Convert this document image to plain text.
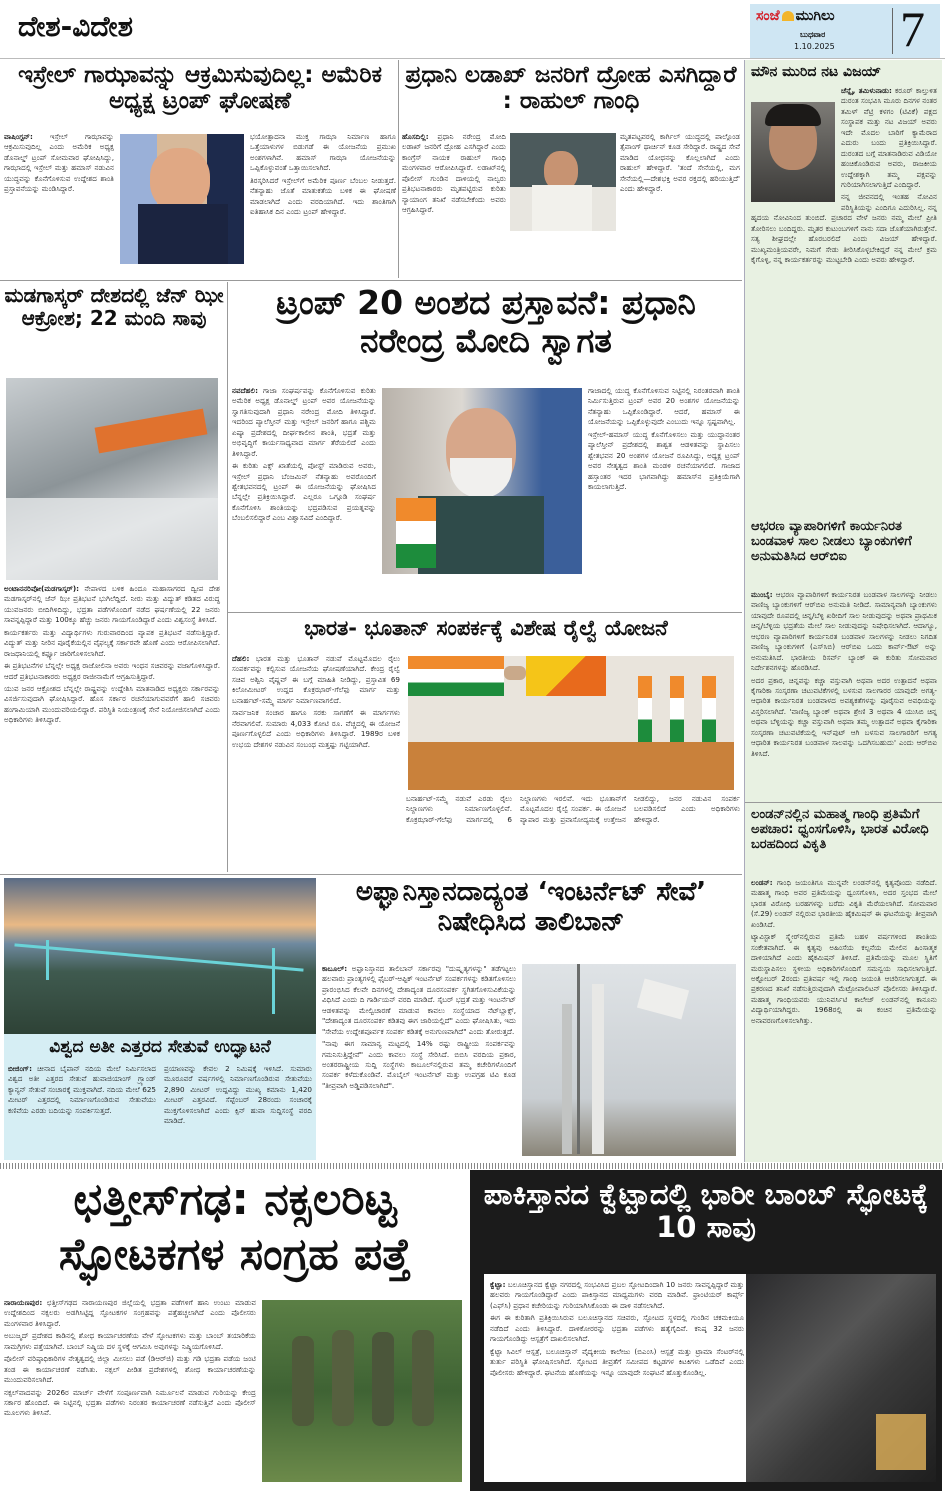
ದೇಶ-ವಿದೇಶ	ಸಂಜೆ ಮುಗಿಲು
ಬುಧವಾರ
1.10.2025 7
ಇಸ್ರೇಲ್ ಗಾಝಾವನ್ನು ಆಕ್ರಮಿಸುವುದಿಲ್ಲ: ಅಮೆರಿಕ ಅಧ್ಯಕ್ಷ ಟ್ರಂಪ್ ಘೋಷಣೆ

ವಾಷಿಂಗ್ಟನ್: ಇಸ್ರೇಲ್ ಗಾಝಾವನ್ನು ಆಕ್ರಮಿಸುವುದಿಲ್ಲ ಎಂದು ಅಮೆರಿಕ ಅಧ್ಯಕ್ಷ ಡೊನಾಲ್ಡ್ ಟ್ರಂಪ್ ಸೋಮವಾರ ಘೋಷಿಸಿದ್ದು, ಗಾಝಾದಲ್ಲಿ ಇಸ್ರೇಲ್ ಮತ್ತು ಹಮಾಸ್ ನಡುವಿನ ಯುದ್ಧವನ್ನು ಕೊನೆಗೊಳಿಸುವ ಉದ್ದೇಶದ ಶಾಂತಿ ಪ್ರಸ್ತಾವನೆಯನ್ನು ಮಂಡಿಸಿದ್ದಾರೆ.

ಭಯೋತ್ಪಾದನಾ ಮುಕ್ತ ಗಾಝಾ ನಿರ್ಮಾಣ ಹಾಗೂ ಒತ್ತೆಯಾಳುಗಳ ಬಿಡುಗಡೆ ಈ ಯೋಜನೆಯ ಪ್ರಮುಖ ಅಂಶಗಳಾಗಿವೆ. ಹಮಾಸ್ ಗಾಝಾ ಯೋಜನೆಯನ್ನು ಒಪ್ಪಿಕೊಳ್ಳುವಂತೆ ಒತ್ತಾಯಿಸಲಾಗಿದೆ.

ತಿರಸ್ಕರಿಸಿದರೆ ಇಸ್ರೇಲ್‌ಗೆ ಅಮೆರಿಕ ಪೂರ್ಣ ಬೆಂಬಲ ನೀಡುತ್ತದೆ. ನೆತನ್ಯಾಹು ಜೊತೆ ಮಾತುಕತೆಯ ಬಳಿಕ ಈ ಘೋಷಣೆ ಮಾಡಲಾಗಿದೆ ಎಂದು ವರದಿಯಾಗಿದೆ. ಇದು ಶಾಂತಿಗಾಗಿ ಐತಿಹಾಸಿಕ ದಿನ ಎಂದು ಟ್ರಂಪ್ ಹೇಳಿದ್ದಾರೆ.

ಪ್ರಧಾನಿ ಲಡಾಖ್ ಜನರಿಗೆ ದ್ರೋಹ ಎಸಗಿದ್ದಾರೆ : ರಾಹುಲ್ ಗಾಂಧಿ

ಹೊಸದಿಲ್ಲಿ: ಪ್ರಧಾನಿ ನರೇಂದ್ರ ಮೋದಿ ಲಡಾಖ್ ಜನರಿಗೆ ದ್ರೋಹ ಎಸಗಿದ್ದಾರೆ ಎಂದು ಕಾಂಗ್ರೆಸ್ ನಾಯಕ ರಾಹುಲ್ ಗಾಂಧಿ ಮಂಗಳವಾರ ಆರೋಪಿಸಿದ್ದಾರೆ. ಲಡಾಖ್‌ನಲ್ಲಿ ಪೊಲೀಸ್ ಗುಂಡಿನ ದಾಳಿಯಲ್ಲಿ ನಾಲ್ವರು ಪ್ರತಿಭಟನಾಕಾರರು ಮೃತಪಟ್ಟಿರುವ ಕುರಿತು ನ್ಯಾಯಾಂಗ ತನಿಖೆ ನಡೆಸಬೇಕೆಂದು ಅವರು ಆಗ್ರಹಿಸಿದ್ದಾರೆ.

ಮೃತಪಟ್ಟವರಲ್ಲಿ ಕಾರ್ಗಿಲ್ ಯುದ್ಧದಲ್ಲಿ ಪಾಲ್ಗೊಂಡ ತ್ಸೆವಾಂಗ್ ಥಾರ್ಚಿನ್ ಕೂಡ ಸೇರಿದ್ದಾರೆ. ರಾಷ್ಟ್ರದ ಸೇವೆ ಮಾಡಿದ ಯೋಧನನ್ನು ಕೊಲ್ಲಲಾಗಿದೆ ಎಂದು ರಾಹುಲ್ ಹೇಳಿದ್ದಾರೆ. 'ತಂದೆ ಸೇನೆಯಲ್ಲಿ, ಮಗ ಸೇನೆಯಲ್ಲಿ—ದೇಶಭಕ್ತಿ ಅವರ ರಕ್ತದಲ್ಲಿ ಹರಿಯುತ್ತಿದೆ' ಎಂದು ಹೇಳಿದ್ದಾರೆ.

ಮೌನ ಮುರಿದ ನಟ ವಿಜಯ್

ಚೆನ್ನೈ, ತಮಿಳುನಾಡು: ಕರೂರ್ ಕಾಲ್ತುಳಿತ ದುರಂತ ಸಂಭವಿಸಿ ಮೂರು ದಿನಗಳ ನಂತರ ತಮಿಳ್ ವೆಟ್ರಿ ಕಳಗಂ (ಟಿವಿಕೆ) ಪಕ್ಷದ ಸಂಸ್ಥಾಪಕ ಮತ್ತು ನಟ ವಿಜಯ್ ಅವರು ಇದೇ ಮೊದಲ ಬಾರಿಗೆ ಕ್ಯಾಮೆರಾದ ಎದುರು ಬಂದು ಪ್ರತಿಕ್ರಿಯಿಸಿದ್ದಾರೆ. ದುರಂತದ ಬಗ್ಗೆ ಮಾತನಾಡಿರುವ ವಿಡಿಯೋ ಹಂಚಿಕೊಂಡಿರುವ ಅವರು, ರಾಜಕೀಯ ಉದ್ದೇಶಕ್ಕಾಗಿ ತಮ್ಮ ಪಕ್ಷವನ್ನು ಗುರಿಯಾಗಿಸಲಾಗುತ್ತಿದೆ ಎಂದಿದ್ದಾರೆ.

ನನ್ನ ಜೀವನದಲ್ಲಿ ಇಂತಹ ನೋವಿನ ಪರಿಸ್ಥಿತಿಯನ್ನು ಎಂದಿಗೂ ಎದುರಿಸಿಲ್ಲ. ನನ್ನ ಹೃದಯ ನೋವಿನಿಂದ ತುಂಬಿದೆ. ಪ್ರಚಾರದ ವೇಳೆ ಜನರು ನಮ್ಮ ಮೇಲೆ ಪ್ರೀತಿ ತೋರಿಸಲು ಬಂದಿದ್ದರು. ಮೃತರ ಕುಟುಂಬಗಳಿಗೆ ನಾನು ಸದಾ ಜೊತೆಯಾಗಿರುತ್ತೇನೆ. ಸತ್ಯ ಶೀಘ್ರದಲ್ಲೇ ಹೊರಬರಲಿದೆ ಎಂದು ವಿಜಯ್ ಹೇಳಿದ್ದಾರೆ. ಮುಖ್ಯಮಂತ್ರಿಯವರೇ, ನಿಮಗೆ ಸೇಡು ತೀರಿಸಿಕೊಳ್ಳಬೇಕಿದ್ದರೆ ನನ್ನ ಮೇಲೆ ಕ್ರಮ ಕೈಗೊಳ್ಳಿ, ನನ್ನ ಕಾರ್ಯಕರ್ತರನ್ನು ಮುಟ್ಟಬೇಡಿ ಎಂದು ಅವರು ಹೇಳಿದ್ದಾರೆ.

ಆಭರಣ ವ್ಯಾಪಾರಿಗಳಿಗೆ ಕಾರ್ಯನಿರತ ಬಂಡವಾಳ ಸಾಲ ನೀಡಲು ಬ್ಯಾಂಕುಗಳಿಗೆ ಅನುಮತಿಸಿದ ಆರ್‌ಬಿಐ

ಮುಂಬೈ: ಆಭರಣ ವ್ಯಾಪಾರಿಗಳಿಗೆ ಕಾರ್ಯನಿರತ ಬಂಡವಾಳ ಸಾಲಗಳನ್ನು ನೀಡಲು ವಾಣಿಜ್ಯ ಬ್ಯಾಂಕುಗಳಿಗೆ ಆರ್‌ಬಿಐ ಅನುಮತಿ ನೀಡಿದೆ. ಸಾಮಾನ್ಯವಾಗಿ ಬ್ಯಾಂಕುಗಳು ಯಾವುದೇ ರೂಪದಲ್ಲಿ ಚಿನ್ನ/ಬೆಳ್ಳಿ ಖರೀದಿಗೆ ಸಾಲ ನೀಡುವುದನ್ನು ಅಥವಾ ಪ್ರಾಥಮಿಕ ಚಿನ್ನ/ಬೆಳ್ಳಿಯ ಭದ್ರತೆಯ ಮೇಲೆ ಸಾಲ ನೀಡುವುದನ್ನು ನಿಷೇಧಿಸಲಾಗಿದೆ. ಆದಾಗ್ಯೂ, ಆಭರಣ ವ್ಯಾಪಾರಿಗಳಿಗೆ ಕಾರ್ಯನಿರತ ಬಂಡವಾಳ ಸಾಲಗಳನ್ನು ನೀಡಲು ನಿಗದಿತ ವಾಣಿಜ್ಯ ಬ್ಯಾಂಕುಗಳಿಗೆ (ಎಸ್‌ಸಿಬಿ) ಆರ್‌ಬಿಐ ಒಂದು ಕಾರ್ವ್-ಔಟ್ ಅನ್ನು ಅನುಮತಿಸಿದೆ. ಭಾರತೀಯ ರಿಸರ್ವ್ ಬ್ಯಾಂಕ್ ಈ ಕುರಿತು ಸೋಮವಾರ ನಿರ್ದೇಶನಗಳನ್ನು ಹೊರಡಿಸಿದೆ.

ಅದರ ಪ್ರಕಾರ, ಚಿನ್ನವನ್ನು ಕಚ್ಚಾ ವಸ್ತುವಾಗಿ ಅಥವಾ ಅದರ ಉತ್ಪಾದನೆ ಅಥವಾ ಕೈಗಾರಿಕಾ ಸಂಸ್ಕರಣಾ ಚಟುವಟಿಕೆಗಳಲ್ಲಿ ಬಳಸುವ ಸಾಲಗಾರರ ಯಾವುದೇ ಅಗತ್ಯ-ಆಧಾರಿತ ಕಾರ್ಯನಿರತ ಬಂಡವಾಳದ ಅವಶ್ಯಕತೆಗಳನ್ನು ಪೂರೈಸುವ ಅವಧಿಯನ್ನು ವಿಸ್ತರಿಸಲಾಗಿದೆ. 'ವಾಣಿಜ್ಯ ಬ್ಯಾಂಕ್ ಅಥವಾ ಶ್ರೇಣಿ 3 ಅಥವಾ 4 ಯುಸಿಬಿ ಚಿನ್ನ ಅಥವಾ ಬೆಳ್ಳಿಯನ್ನು ಕಚ್ಚಾ ವಸ್ತುವಾಗಿ ಅಥವಾ ತಮ್ಮ ಉತ್ಪಾದನೆ ಅಥವಾ ಕೈಗಾರಿಕಾ ಸಂಸ್ಕರಣಾ ಚಟುವಟಿಕೆಯಲ್ಲಿ ಇನ್‌ಪುಟ್ ಆಗಿ ಬಳಸುವ ಸಾಲಗಾರರಿಗೆ ಅಗತ್ಯ ಆಧಾರಿತ ಕಾರ್ಯನಿರತ ಬಂಡವಾಳ ಸಾಲವನ್ನು ಒದಗಿಸಬಹುದು' ಎಂದು ಆರ್‌ಬಿಐ ತಿಳಿಸಿದೆ.

ಲಂಡನ್‌ನಲ್ಲಿನ ಮಹಾತ್ಮ ಗಾಂಧಿ ಪ್ರತಿಮೆಗೆ ಅಪಚಾರ: ಧ್ವಂಸಗೊಳಿಸಿ, ಭಾರತ ವಿರೋಧಿ ಬರಹದಿಂದ ವಿಕೃತಿ

ಲಂಡನ್: ಗಾಂಧಿ ಜಯಂತಿಗೂ ಮುನ್ನವೇ ಲಂಡನ್‌ನಲ್ಲಿ ಕೃತ್ಯವೊಂದು ನಡೆದಿದೆ. ಮಹಾತ್ಮ ಗಾಂಧಿ ಅವರ ಪ್ರತಿಮೆಯನ್ನು ಧ್ವಂಸಗೊಳಿಸಿ, ಅದರ ಸ್ತಂಭದ ಮೇಲೆ ಭಾರತ ವಿರೋಧಿ ಬರಹಗಳನ್ನು ಬರೆದು ವಿಕೃತಿ ಮೆರೆಯಲಾಗಿದೆ. ಸೋಮವಾರ (ಸೆ.29) ಲಂಡನ್ ನಲ್ಲಿರುವ ಭಾರತೀಯ ಹೈಕಮಿಷನ್ ಈ ಘಟನೆಯನ್ನು ತೀವ್ರವಾಗಿ ಖಂಡಿಸಿದೆ.

ಟ್ಯಾವಿಸ್ಟಾಕ್ ಸ್ಕ್ವೇರ್‌ನಲ್ಲಿರುವ ಪ್ರತಿಮೆ ಬಹಳ ವರ್ಷಗಳಿಂದ ಶಾಂತಿಯ ಸಂಕೇತವಾಗಿದೆ. ಈ ಕೃತ್ಯವು ಅಹಿಂಸೆಯ ಕಲ್ಪನೆಯ ಮೇಲಿನ ಹಿಂಸಾತ್ಮಕ ದಾಳಿಯಾಗಿದೆ ಎಂದು ಹೈಕಮಿಷನ್ ತಿಳಿಸಿದೆ. ಪ್ರತಿಮೆಯನ್ನು ಮೂಲ ಸ್ಥಿತಿಗೆ ಮರುಸ್ಥಾಪಿಸಲು ಸ್ಥಳೀಯ ಅಧಿಕಾರಿಗಳೊಂದಿಗೆ ಸಮನ್ವಯ ಸಾಧಿಸಲಾಗುತ್ತಿದೆ. ಅಕ್ಟೋಬರ್ 2ರಂದು ಪ್ರತಿವರ್ಷ ಇಲ್ಲಿ ಗಾಂಧಿ ಜಯಂತಿ ಆಚರಿಸಲಾಗುತ್ತದೆ. ಈ ಪ್ರಕರಣದ ತನಿಖೆ ನಡೆಸುತ್ತಿರುವುದಾಗಿ ಮೆಟ್ರೋಪಾಲಿಟನ್ ಪೊಲೀಸರು ತಿಳಿಸಿದ್ದಾರೆ. ಮಹಾತ್ಮ ಗಾಂಧಿಯವರು ಯುನಿವರ್ಸಿಟಿ ಕಾಲೇಜ್ ಲಂಡನ್‌ನಲ್ಲಿ ಕಾನೂನು ವಿದ್ಯಾರ್ಥಿಯಾಗಿದ್ದರು. 1968ರಲ್ಲಿ ಈ ಕಂಚಿನ ಪ್ರತಿಮೆಯನ್ನು ಅನಾವರಣಗೊಳಿಸಲಾಗಿತ್ತು.

ಮಡಗಾಸ್ಕರ್ ದೇಶದಲ್ಲಿ ಜೆನ್ ಝೀ ಆಕ್ರೋಶ; 22 ಮಂದಿ ಸಾವು

ಅಂಟಾನನರಿವೋ(ಮಡಗಾಸ್ಕರ್): ನೇಪಾಳದ ಬಳಿಕ ಹಿಂದೂ ಮಹಾಸಾಗರದ ದ್ವೀಪ ದೇಶ ಮಡಗಾಸ್ಕರ್‌ನಲ್ಲಿ ಜೆನ್ ಝೀ ಪ್ರತಿಭಟನೆ ಭುಗಿಲೆದ್ದಿದೆ. ನೀರು ಮತ್ತು ವಿದ್ಯುತ್ ಕಡಿತದ ವಿರುದ್ಧ ಯುವಜನರು ಬೀದಿಗಿಳಿದಿದ್ದು, ಭದ್ರತಾ ಪಡೆಗಳೊಂದಿಗೆ ನಡೆದ ಘರ್ಷಣೆಯಲ್ಲಿ 22 ಜನರು ಸಾವನ್ನಪ್ಪಿದ್ದಾರೆ ಮತ್ತು 100ಕ್ಕೂ ಹೆಚ್ಚು ಜನರು ಗಾಯಗೊಂಡಿದ್ದಾರೆ ಎಂದು ವಿಶ್ವಸಂಸ್ಥೆ ತಿಳಿಸಿದೆ.

ಕಾರ್ಯಕರ್ತರು ಮತ್ತು ವಿದ್ಯಾರ್ಥಿಗಳು ಗುರುವಾರದಿಂದ ವ್ಯಾಪಕ ಪ್ರತಿಭಟನೆ ನಡೆಸುತ್ತಿದ್ದಾರೆ. ವಿದ್ಯುತ್ ಮತ್ತು ನೀರಿನ ಪೂರೈಕೆಯಲ್ಲಿನ ವೈಫಲ್ಯಕ್ಕೆ ಸರ್ಕಾರವೇ ಹೊಣೆ ಎಂದು ಆರೋಪಿಸಲಾಗಿದೆ. ರಾಜಧಾನಿಯಲ್ಲಿ ಕರ್ಫ್ಯೂ ಜಾರಿಗೊಳಿಸಲಾಗಿದೆ.

ಈ ಪ್ರತಿಭಟನೆಗಳ ಬೆನ್ನಲ್ಲೇ ಅಧ್ಯಕ್ಷ ರಾಜೋಲಿನಾ ಅವರು ಇಂಧನ ಸಚಿವರನ್ನು ವಜಾಗೊಳಿಸಿದ್ದಾರೆ. ಆದರೆ ಪ್ರತಿಭಟನಾಕಾರರು ಅಧ್ಯಕ್ಷರ ರಾಜೀನಾಮೆಗೆ ಆಗ್ರಹಿಸುತ್ತಿದ್ದಾರೆ.

ಯುವ ಜನರ ಆಕ್ರೋಶದ ಬೆನ್ನಲ್ಲೇ ರಾಷ್ಟ್ರವನ್ನು ಉದ್ದೇಶಿಸಿ ಮಾತನಾಡಿದ ಅಧ್ಯಕ್ಷರು ಸರ್ಕಾರವನ್ನು ವಿಸರ್ಜಿಸುವುದಾಗಿ ಘೋಷಿಸಿದ್ದಾರೆ. ಹೊಸ ಸರ್ಕಾರ ರಚನೆಯಾಗುವವರೆಗೆ ಹಾಲಿ ಸಚಿವರು ಹಂಗಾಮಿಯಾಗಿ ಮುಂದುವರಿಯಲಿದ್ದಾರೆ. ಪರಿಸ್ಥಿತಿ ನಿಯಂತ್ರಣಕ್ಕೆ ಸೇನೆ ನಿಯೋಜಿಸಲಾಗಿದೆ ಎಂದು ಅಧಿಕಾರಿಗಳು ತಿಳಿಸಿದ್ದಾರೆ.

ಟ್ರಂಪ್ 20 ಅಂಶದ ಪ್ರಸ್ತಾವನೆ: ಪ್ರಧಾನಿ ನರೇಂದ್ರ ಮೋದಿ ಸ್ವಾಗತ

ನವದೆಹಲಿ: ಗಾಜಾ ಸಂಘರ್ಷವನ್ನು ಕೊನೆಗೊಳಿಸುವ ಕುರಿತು ಅಮೆರಿಕ ಅಧ್ಯಕ್ಷ ಡೊನಾಲ್ಡ್ ಟ್ರಂಪ್ ಅವರ ಯೋಜನೆಯನ್ನು ಸ್ವಾಗತಿಸುವುದಾಗಿ ಪ್ರಧಾನಿ ನರೇಂದ್ರ ಮೋದಿ ತಿಳಿಸಿದ್ದಾರೆ. ಇದರಿಂದ ಪ್ಯಾಲೆಸ್ತೀನ್ ಮತ್ತು ಇಸ್ರೇಲ್ ಜನರಿಗೆ ಹಾಗೂ ಪಶ್ಚಿಮ ಏಷ್ಯಾ ಪ್ರದೇಶದಲ್ಲಿ ದೀರ್ಘಕಾಲೀನ ಶಾಂತಿ, ಭದ್ರತೆ ಮತ್ತು ಅಭಿವೃದ್ಧಿಗೆ ಕಾರ್ಯಸಾಧ್ಯವಾದ ಮಾರ್ಗ ತೆರೆಯಲಿದೆ ಎಂದು ತಿಳಿಸಿದ್ದಾರೆ.

ಈ ಕುರಿತು ಎಕ್ಸ್ ಖಾತೆಯಲ್ಲಿ ಪೋಸ್ಟ್ ಮಾಡಿರುವ ಅವರು, ಇಸ್ರೇಲ್ ಪ್ರಧಾನಿ ಬೆಂಜಮಿನ್ ನೆತನ್ಯಾಹು ಅವರೊಂದಿಗೆ ಶ್ವೇತಭವನದಲ್ಲಿ ಟ್ರಂಪ್ ಈ ಯೋಜನೆಯನ್ನು ಘೋಷಿಸಿದ ಬೆನ್ನಲ್ಲೇ ಪ್ರತಿಕ್ರಿಯಿಸಿದ್ದಾರೆ. ಎಲ್ಲರೂ ಒಗ್ಗೂಡಿ ಸಂಘರ್ಷ ಕೊನೆಗೊಳಿಸಿ ಶಾಂತಿಯನ್ನು ಭದ್ರಪಡಿಸುವ ಪ್ರಯತ್ನವನ್ನು ಬೆಂಬಲಿಸಲಿದ್ದಾರೆ ಎಂಬ ವಿಶ್ವಾಸವಿದೆ ಎಂದಿದ್ದಾರೆ.

ಗಾಜಾದಲ್ಲಿ ಯುದ್ಧ ಕೊನೆಗೊಳಿಸುವ ನಿಟ್ಟಿನಲ್ಲಿ ನಿರಂತರವಾಗಿ ಶಾಂತಿ ನಿರ್ಮಿಸುತ್ತಿರುವ ಟ್ರಂಪ್ ಅವರ 20 ಅಂಶಗಳ ಯೋಜನೆಯನ್ನು ನೆತನ್ಯಾಹು ಒಪ್ಪಿಕೊಂಡಿದ್ದಾರೆ. ಆದರೆ, ಹಮಾಸ್ ಈ ಯೋಜನೆಯನ್ನು ಒಪ್ಪಿಕೊಳ್ಳುವುದೇ ಎಂಬುದು ಇನ್ನೂ ಸ್ಪಷ್ಟವಾಗಿಲ್ಲ.

ಇಸ್ರೇಲ್-ಹಮಾಸ್ ಯುದ್ಧ ಕೊನೆಗೊಳಿಸಲು ಮತ್ತು ಯುದ್ಧಾನಂತರ ಪ್ಯಾಲೆಸ್ತೀನ್ ಪ್ರದೇಶದಲ್ಲಿ ಶಾಶ್ವತ ಆಡಳಿತವನ್ನು ಸ್ಥಾಪಿಸಲು ಶ್ವೇತಭವನ 20 ಅಂಶಗಳ ಯೋಜನೆ ರೂಪಿಸಿದ್ದು, ಅಧ್ಯಕ್ಷ ಟ್ರಂಪ್ ಅವರ ನೇತೃತ್ವದ ಶಾಂತಿ ಮಂಡಳಿ ರಚನೆಯಾಗಲಿದೆ. ಗಾಜಾದ ಹಸ್ತಾಂತರ ಇದರ ಭಾಗವಾಗಿದ್ದು ಹಮಾಸ್‌ನ ಪ್ರತಿಕ್ರಿಯೆಗಾಗಿ ಕಾಯಲಾಗುತ್ತಿದೆ.

ಭಾರತ- ಭೂತಾನ್ ಸಂಪರ್ಕಕ್ಕೆ ವಿಶೇಷ ರೈಲ್ವೆ ಯೋಜನೆ

ದೆಹಲಿ: ಭಾರತ ಮತ್ತು ಭೂತಾನ್ ನಡುವೆ ಮೊಟ್ಟಮೊದಲ ರೈಲು ಸಂಪರ್ಕವನ್ನು ಕಲ್ಪಿಸುವ ಯೋಜನೆಯ ಘೋಷಣೆಯಾಗಿದೆ. ಕೇಂದ್ರ ರೈಲ್ವೆ ಸಚಿವ ಅಶ್ವಿನಿ ವೈಷ್ಣವ್ ಈ ಬಗ್ಗೆ ಮಾಹಿತಿ ನೀಡಿದ್ದು, ಪ್ರಸ್ತಾವಿತ 69 ಕಿಲೋಮೀಟರ್ ಉದ್ದದ ಕೊಕ್ರಝಾರ್-ಗೆಲೆಫು ಮಾರ್ಗ ಮತ್ತು ಬನಾರ್ಹಟ್-ಸಮ್ತ್ಸೆ ಮಾರ್ಗ ನಿರ್ಮಾಣವಾಗಲಿದೆ.

ಸಾರ್ವಜನಿಕ ಸಂಚಾರ ಹಾಗೂ ಸರಕು ಸಾಗಣೆಗೆ ಈ ಮಾರ್ಗಗಳು ನೆರವಾಗಲಿವೆ. ಸುಮಾರು 4,033 ಕೋಟಿ ರೂ. ವೆಚ್ಚದಲ್ಲಿ ಈ ಯೋಜನೆ ಪೂರ್ಣಗೊಳ್ಳಲಿದೆ ಎಂದು ಅಧಿಕಾರಿಗಳು ತಿಳಿಸಿದ್ದಾರೆ. 1989ರ ಬಳಿಕ ಉಭಯ ದೇಶಗಳ ನಡುವಿನ ಸಂಬಂಧ ಮತ್ತಷ್ಟು ಗಟ್ಟಿಯಾಗಿದೆ.

ಬನಾರ್ಹಟ್-ಸಮ್ತ್ಸೆ ನಡುವೆ ಎರಡು ರೈಲು ನಿಲ್ದಾಣಗಳು ನಿರ್ಮಾಣಗೊಳ್ಳಲಿವೆ. ಕೊಕ್ರಝಾರ್-ಗೆಲೆಫು ಮಾರ್ಗದಲ್ಲಿ 6 ನಿಲ್ದಾಣಗಳು ಇರಲಿವೆ. ಇದು ಭೂತಾನ್‌ಗೆ ಮೊಟ್ಟಮೊದಲ ರೈಲ್ವೆ ಸಂಪರ್ಕ. ಈ ಯೋಜನೆ ವ್ಯಾಪಾರ ಮತ್ತು ಪ್ರವಾಸೋದ್ಯಮಕ್ಕೆ ಉತ್ತೇಜನ ನೀಡಲಿದ್ದು, ಜನರ ನಡುವಿನ ಸಂಪರ್ಕ ಬಲಪಡಿಸಲಿದೆ ಎಂದು ಅಧಿಕಾರಿಗಳು ಹೇಳಿದ್ದಾರೆ.

ವಿಶ್ವದ ಅತೀ ಎತ್ತರದ ಸೇತುವೆ ಉದ್ಘಾಟನೆ

ಬೀಜಿಂಗ್: ಚೀನಾದ ಬೈಪಾನ್ ನದಿಯ ಮೇಲೆ ನಿರ್ಮಿಸಲಾದ ವಿಶ್ವದ ಅತೀ ಎತ್ತರದ ಸೇತುವೆ ಹುವಾಜಿಯಾಂಗ್ ಗ್ರ್ಯಾಂಡ್ ಕ್ಯಾನ್ಯನ್ ಸೇತುವೆ ಸಂಚಾರಕ್ಕೆ ಮುಕ್ತವಾಗಿದೆ. ನದಿಯ ಮೇಲೆ 625 ಮೀಟರ್ ಎತ್ತರದಲ್ಲಿ ನಿರ್ಮಾಣಗೊಂಡಿರುವ ಸೇತುವೆಯು ಕಣಿವೆಯ ಎರಡು ಬದಿಯನ್ನು ಸಂಪರ್ಕಿಸುತ್ತದೆ.

ಪ್ರಯಾಣವನ್ನು ಕೇವಲ 2 ನಿಮಿಷಕ್ಕೆ ಇಳಿಸಿದೆ. ಸುಮಾರು ಮೂರೂವರೆ ವರ್ಷಗಳಲ್ಲಿ ನಿರ್ಮಾಣಗೊಂಡಿರುವ ಸೇತುವೆಯು 2,890 ಮೀಟರ್ ಉದ್ದವಿದ್ದು ಮುಖ್ಯ ಕಮಾನು 1,420 ಮೀಟರ್ ಎತ್ತರವಿದೆ. ಸೆಪ್ಟೆಂಬರ್ 28ರಂದು ಸಂಚಾರಕ್ಕೆ ಮುಕ್ತಗೊಳಿಸಲಾಗಿದೆ ಎಂದು ಕ್ಸಿನ್ ಹುವಾ ಸುದ್ದಿಸಂಸ್ಥೆ ವರದಿ ಮಾಡಿದೆ.

ಅಫ್ಘಾನಿಸ್ತಾನದಾದ್ಯಂತ ‘ಇಂಟರ್ನೆಟ್ ಸೇವೆ’ ನಿಷೇಧಿಸಿದ ತಾಲಿಬಾನ್

ಕಾಬೂಲ್: ಅಫ್ಘಾನಿಸ್ತಾನದ ತಾಲಿಬಾನ್ ಸರ್ಕಾರವು "ದುಷ್ಕೃತ್ಯಗಳನ್ನು" ತಡೆಗಟ್ಟಲು ಹಲವಾರು ಪ್ರಾಂತ್ಯಗಳಲ್ಲಿ ಫೈಬರ್-ಆಪ್ಟಿಕ್ ಇಂಟರ್ನೆಟ್ ಸಂಪರ್ಕಗಳನ್ನು ಕಡಿತಗೊಳಿಸಲು ಪ್ರಾರಂಭಿಸಿದ ಕೆಲವೇ ದಿನಗಳಲ್ಲಿ ದೇಶಾದ್ಯಂತ ದೂರಸಂಪರ್ಕ ಸ್ಥಗಿತಗೊಳಿಸುವಿಕೆಯನ್ನು ವಿಧಿಸಿದೆ ಎಂದು ದಿ ಗಾರ್ಡಿಯನ್ ವರದಿ ಮಾಡಿದೆ. ಸೈಬರ್ ಭದ್ರತೆ ಮತ್ತು ಇಂಟರ್ನೆಟ್ ಆಡಳಿತವನ್ನು ಮೇಲ್ವಿಚಾರಣೆ ಮಾಡುವ ಕಾವಲು ಸಂಸ್ಥೆಯಾದ ನೆಟ್‌ಬ್ಲಾಕ್ಸ್, "ದೇಶಾದ್ಯಂತ ದೂರಸಂಪರ್ಕ ಕಡಿತವು ಈಗ ಜಾರಿಯಲ್ಲಿದೆ" ಎಂದು ಘೋಷಿಸಿತು, ಇದು "ಸೇವೆಯ ಉದ್ದೇಶಪೂರ್ವಕ ಸಂಪರ್ಕ ಕಡಿತಕ್ಕೆ ಅನುಗುಣವಾಗಿದೆ" ಎಂದು ತೋರುತ್ತದೆ.

"ನಾವು ಈಗ ಸಾಮಾನ್ಯ ಮಟ್ಟದಲ್ಲಿ 14% ರಷ್ಟು ರಾಷ್ಟ್ರೀಯ ಸಂಪರ್ಕವನ್ನು ಗಮನಿಸುತ್ತಿದ್ದೇವೆ" ಎಂದು ಕಾವಲು ಸಂಸ್ಥೆ ಸೇರಿಸಿದೆ. ಬಿಬಿಸಿ ವರದಿಯ ಪ್ರಕಾರ, ಅಂತರರಾಷ್ಟ್ರೀಯ ಸುದ್ದಿ ಸಂಸ್ಥೆಗಳು ಕಾಬೂಲ್‌ನಲ್ಲಿರುವ ತಮ್ಮ ಕಚೇರಿಗಳೊಂದಿಗೆ ಸಂಪರ್ಕ ಕಳೆದುಕೊಂಡಿವೆ. ಮೊಬೈಲ್ ಇಂಟರ್ನೆಟ್ ಮತ್ತು ಉಪಗ್ರಹ ಟಿವಿ ಕೂಡ "ತೀವ್ರವಾಗಿ ಅಡ್ಡಿಪಡಿಸಲಾಗಿದೆ".

ಛತ್ತೀಸ್‌ಗಢ: ನಕ್ಸಲರಿಟ್ಟ ಸ್ಫೋಟಕಗಳ ಸಂಗ್ರಹ ಪತ್ತೆ

ನಾರಾಯಣಪುರ: ಛತ್ತೀಸ್‌ಗಢದ ನಾರಾಯಣಪುರ ಜಿಲ್ಲೆಯಲ್ಲಿ ಭದ್ರತಾ ಪಡೆಗಳಿಗೆ ಹಾನಿ ಉಂಟು ಮಾಡುವ ಉದ್ದೇಶದಿಂದ ನಕ್ಸಲರು ಅಡಗಿಸಿಟ್ಟಿದ್ದ ಸ್ಫೋಟಕಗಳ ಸಂಗ್ರಹವನ್ನು ಪತ್ತೆಹಚ್ಚಲಾಗಿದೆ ಎಂದು ಪೊಲೀಸರು ಮಂಗಳವಾರ ತಿಳಿಸಿದ್ದಾರೆ.

ಅಬುಜ್ಮದ್ ಪ್ರದೇಶದ ಕಾಡಿನಲ್ಲಿ ಶೋಧ ಕಾರ್ಯಾಚರಣೆಯ ವೇಳೆ ಸ್ಫೋಟಕಗಳು ಮತ್ತು ಬಾಂಬ್ ತಯಾರಿಕೆಯ ಸಾಮಗ್ರಿಗಳು ಪತ್ತೆಯಾಗಿವೆ. ಬಾಂಬ್ ನಿಷ್ಕ್ರಿಯ ದಳ ಸ್ಥಳಕ್ಕೆ ಆಗಮಿಸಿ ಅವುಗಳನ್ನು ನಿಷ್ಕ್ರಿಯಗೊಳಿಸಿದೆ.

ಪೊಲೀಸ್ ವರಿಷ್ಠಾಧಿಕಾರಿಗಳ ನೇತೃತ್ವದಲ್ಲಿ ಜಿಲ್ಲಾ ಮೀಸಲು ಪಡೆ (ಡಿಆರ್‌ಜಿ) ಮತ್ತು ಗಡಿ ಭದ್ರತಾ ಪಡೆಯ ಜಂಟಿ ತಂಡ ಈ ಕಾರ್ಯಾಚರಣೆ ನಡೆಸಿತು. ನಕ್ಸಲ್ ಪೀಡಿತ ಪ್ರದೇಶಗಳಲ್ಲಿ ಶೋಧ ಕಾರ್ಯಾಚರಣೆಯನ್ನು ಮುಂದುವರಿಸಲಾಗಿದೆ.

ನಕ್ಸಲ್‌ವಾದವನ್ನು 2026ರ ಮಾರ್ಚ್ ವೇಳೆಗೆ ಸಂಪೂರ್ಣವಾಗಿ ನಿರ್ಮೂಲನೆ ಮಾಡುವ ಗುರಿಯನ್ನು ಕೇಂದ್ರ ಸರ್ಕಾರ ಹೊಂದಿದೆ. ಈ ನಿಟ್ಟಿನಲ್ಲಿ ಭದ್ರತಾ ಪಡೆಗಳು ನಿರಂತರ ಕಾರ್ಯಾಚರಣೆ ನಡೆಸುತ್ತಿವೆ ಎಂದು ಪೊಲೀಸ್ ಮೂಲಗಳು ತಿಳಿಸಿವೆ.

ಪಾಕಿಸ್ತಾನದ ಕ್ವೆಟ್ಟಾದಲ್ಲಿ ಭಾರೀ ಬಾಂಬ್ ಸ್ಫೋಟಕ್ಕೆ 10 ಸಾವು

ಕ್ವೆಟ್ಟಾ: ಬಲೂಚಿಸ್ತಾನದ ಕ್ವೆಟ್ಟಾ ನಗರದಲ್ಲಿ ಸಂಭವಿಸಿದ ಪ್ರಬಲ ಸ್ಫೋಟದಿಂದಾಗಿ 10 ಜನರು ಸಾವನ್ನಪ್ಪಿದ್ದಾರೆ ಮತ್ತು ಹಲವರು ಗಾಯಗೊಂಡಿದ್ದಾರೆ ಎಂದು ಪಾಕಿಸ್ತಾನದ ಮಾಧ್ಯಮಗಳು ವರದಿ ಮಾಡಿವೆ. ಫ್ರಾಂಟಿಯರ್ ಕಾರ್ಪ್ಸ್ (ಎಫ್‌ಸಿ) ಪ್ರಧಾನ ಕಚೇರಿಯನ್ನು ಗುರಿಯಾಗಿಸಿಕೊಂಡು ಈ ದಾಳಿ ನಡೆಸಲಾಗಿದೆ.

ಈಗ ಈ ಕುರಿತಾಗಿ ಪ್ರತಿಕ್ರಿಯಿಸಿರುವ ಬಲೂಚಿಸ್ತಾನದ ಸಚಿವರು, ಸ್ಫೋಟದ ಸ್ಥಳದಲ್ಲಿ ಗುಂಡಿನ ಚಕಮಕಿಯೂ ನಡೆದಿದೆ ಎಂದು ತಿಳಿಸಿದ್ದಾರೆ. ದಾಳಿಕೋರರನ್ನು ಭದ್ರತಾ ಪಡೆಗಳು ಹತ್ಯೆಗೈದಿವೆ. ಕನಿಷ್ಠ 32 ಜನರು ಗಾಯಗೊಂಡಿದ್ದು ಆಸ್ಪತ್ರೆಗೆ ದಾಖಲಿಸಲಾಗಿದೆ.

ಕ್ವೆಟ್ಟಾ ಸಿವಿಲ್ ಆಸ್ಪತ್ರೆ, ಬಲೂಚಿಸ್ತಾನ್ ವೈದ್ಯಕೀಯ ಕಾಲೇಜು (ಬಿಎಂಸಿ) ಆಸ್ಪತ್ರೆ ಮತ್ತು ಟ್ರಾಮಾ ಸೆಂಟರ್‌ನಲ್ಲಿ ತುರ್ತು ಪರಿಸ್ಥಿತಿ ಘೋಷಿಸಲಾಗಿದೆ. ಸ್ಫೋಟದ ತೀವ್ರತೆಗೆ ಸಮೀಪದ ಕಟ್ಟಡಗಳ ಕಿಟಕಿಗಳು ಒಡೆದಿವೆ ಎಂದು ಪೊಲೀಸರು ಹೇಳಿದ್ದಾರೆ. ಘಟನೆಯ ಹೊಣೆಯನ್ನು ಇನ್ನೂ ಯಾವುದೇ ಸಂಘಟನೆ ಹೊತ್ತುಕೊಂಡಿಲ್ಲ.
